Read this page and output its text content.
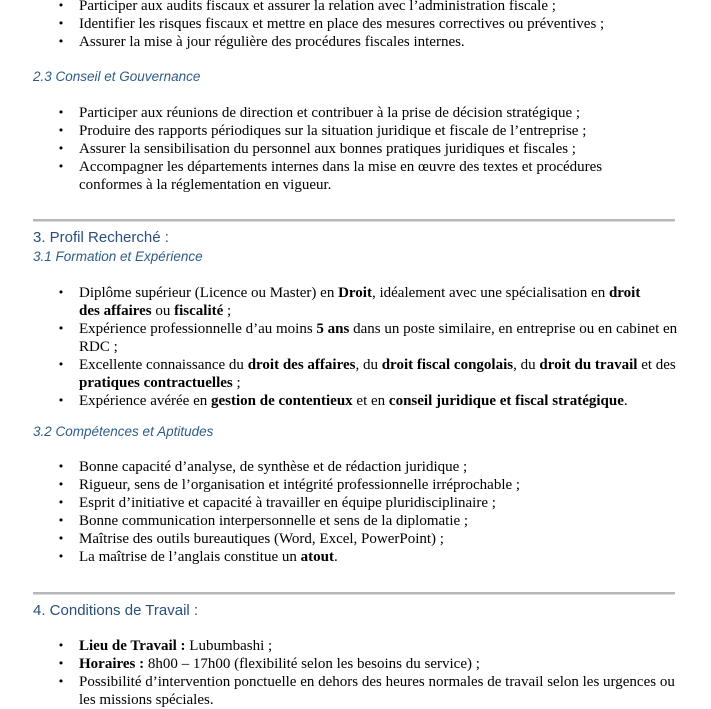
• Participer aux audits fiscaux et assurer la relation avec l’administration fiscale ;
• Identifier les risques fiscaux et mettre en place des mesures correctives ou préventives ;
• Assurer la mise à jour régulière des procédures fiscales internes.
2.3 Conseil et Gouvernance
• Participer aux réunions de direction et contribuer à la prise de décision stratégique ;
• Produire des rapports périodiques sur la situation juridique et fiscale de l’entreprise ;
• Assurer la sensibilisation du personnel aux bonnes pratiques juridiques et fiscales ;
• Accompagner les départements internes dans la mise en œuvre des textes et procédures conformes à la réglementation en vigueur.
3. Profil Recherché :
3.1 Formation et Expérience
• Diplôme supérieur (Licence ou Master) en Droit, idéalement avec une spécialisation en droit des affaires ou fiscalité ;
• Expérience professionnelle d’au moins 5 ans dans un poste similaire, en entreprise ou en cabinet en RDC ;
• Excellente connaissance du droit des affaires, du droit fiscal congolais, du droit du travail et des pratiques contractuelles ;
• Expérience avérée en gestion de contentieux et en conseil juridique et fiscal stratégique.
3.2 Compétences et Aptitudes
• Bonne capacité d’analyse, de synthèse et de rédaction juridique ;
• Rigueur, sens de l’organisation et intégrité professionnelle irréprochable ;
• Esprit d’initiative et capacité à travailler en équipe pluridisciplinaire ;
• Bonne communication interpersonnelle et sens de la diplomatie ;
• Maîtrise des outils bureautiques (Word, Excel, PowerPoint) ;
• La maîtrise de l’anglais constitue un atout.
4. Conditions de Travail :
• Lieu de Travail : Lubumbashi ;
• Horaires : 8h00 – 17h00 (flexibilité selon les besoins du service) ;
• Possibilité d’intervention ponctuelle en dehors des heures normales de travail selon les urgences ou les missions spéciales.
